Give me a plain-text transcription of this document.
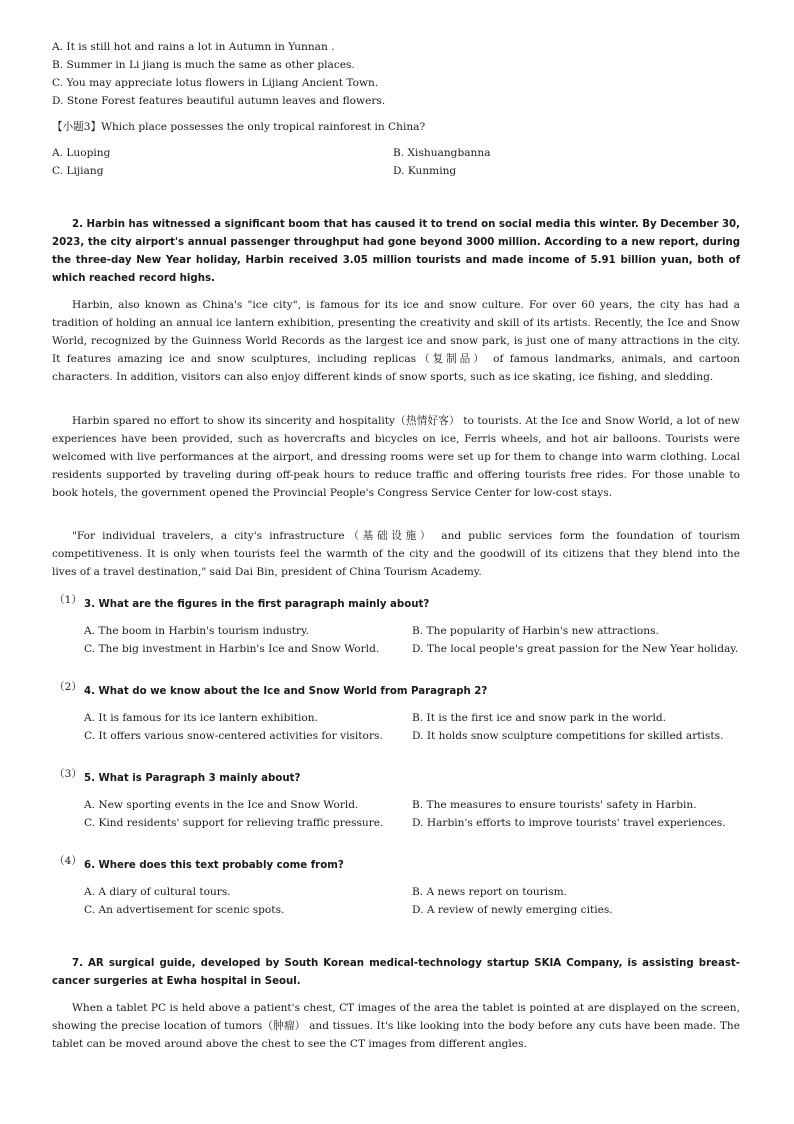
A. It is still hot and rains a lot in Autumn in Yunnan .
B. Summer in Li jiang is much the same as other places.
C. You may appreciate lotus flowers in Lijiang Ancient Town.
D. Stone Forest features beautiful autumn leaves and flowers.
【小题3】Which place possesses the only tropical rainforest in China?
A. Luoping	B. Xishuangbanna
C. Lijiang	D. Kunming
2. Harbin has witnessed a significant boom that has caused it to trend on social media this winter. By December 30, 2023, the city airport's annual passenger throughput had gone beyond 3000 million. According to a new report, during the three-day New Year holiday, Harbin received 3.05 million tourists and made income of 5.91 billion yuan, both of which reached record highs.
Harbin, also known as China's "ice city", is famous for its ice and snow culture. For over 60 years, the city has had a tradition of holding an annual ice lantern exhibition, presenting the creativity and skill of its artists. Recently, the Ice and Snow World, recognized by the Guinness World Records as the largest ice and snow park, is just one of many attractions in the city. It features amazing ice and snow sculptures, including replicas（复制品） of famous landmarks, animals, and cartoon characters. In addition, visitors can also enjoy different kinds of snow sports, such as ice skating, ice fishing, and sledding.
Harbin spared no effort to show its sincerity and hospitality（热情好客） to tourists. At the Ice and Snow World, a lot of new experiences have been provided, such as hovercrafts and bicycles on ice, Ferris wheels, and hot air balloons. Tourists were welcomed with live performances at the airport, and dressing rooms were set up for them to change into warm clothing. Local residents supported by traveling during off-peak hours to reduce traffic and offering tourists free rides. For those unable to book hotels, the government opened the Provincial People's Congress Service Center for low-cost stays.
"For individual travelers, a city's infrastructure（基础设施） and public services form the foundation of tourism competitiveness. It is only when tourists feel the warmth of the city and the goodwill of its citizens that they blend into the lives of a travel destination," said Dai Bin, president of China Tourism Academy.
（1） 3. What are the figures in the first paragraph mainly about?
A. The boom in Harbin's tourism industry.	B. The popularity of Harbin's new attractions.
C. The big investment in Harbin's Ice and Snow World.	D. The local people's great passion for the New Year holiday.
（2） 4. What do we know about the Ice and Snow World from Paragraph 2?
A. It is famous for its ice lantern exhibition.	B. It is the first ice and snow park in the world.
C. It offers various snow-centered activities for visitors.	D. It holds snow sculpture competitions for skilled artists.
（3） 5. What is Paragraph 3 mainly about?
A. New sporting events in the Ice and Snow World.	B. The measures to ensure tourists' safety in Harbin.
C. Kind residents' support for relieving traffic pressure.	D. Harbin's efforts to improve tourists' travel experiences.
（4） 6. Where does this text probably come from?
A. A diary of cultural tours.	B. A news report on tourism.
C. An advertisement for scenic spots.	D. A review of newly emerging cities.
7. AR surgical guide, developed by South Korean medical-technology startup SKIA Company, is assisting breast-cancer surgeries at Ewha hospital in Seoul.
When a tablet PC is held above a patient's chest, CT images of the area the tablet is pointed at are displayed on the screen, showing the precise location of tumors（肿瘤） and tissues. It's like looking into the body before any cuts have been made. The tablet can be moved around above the chest to see the CT images from different angles.
